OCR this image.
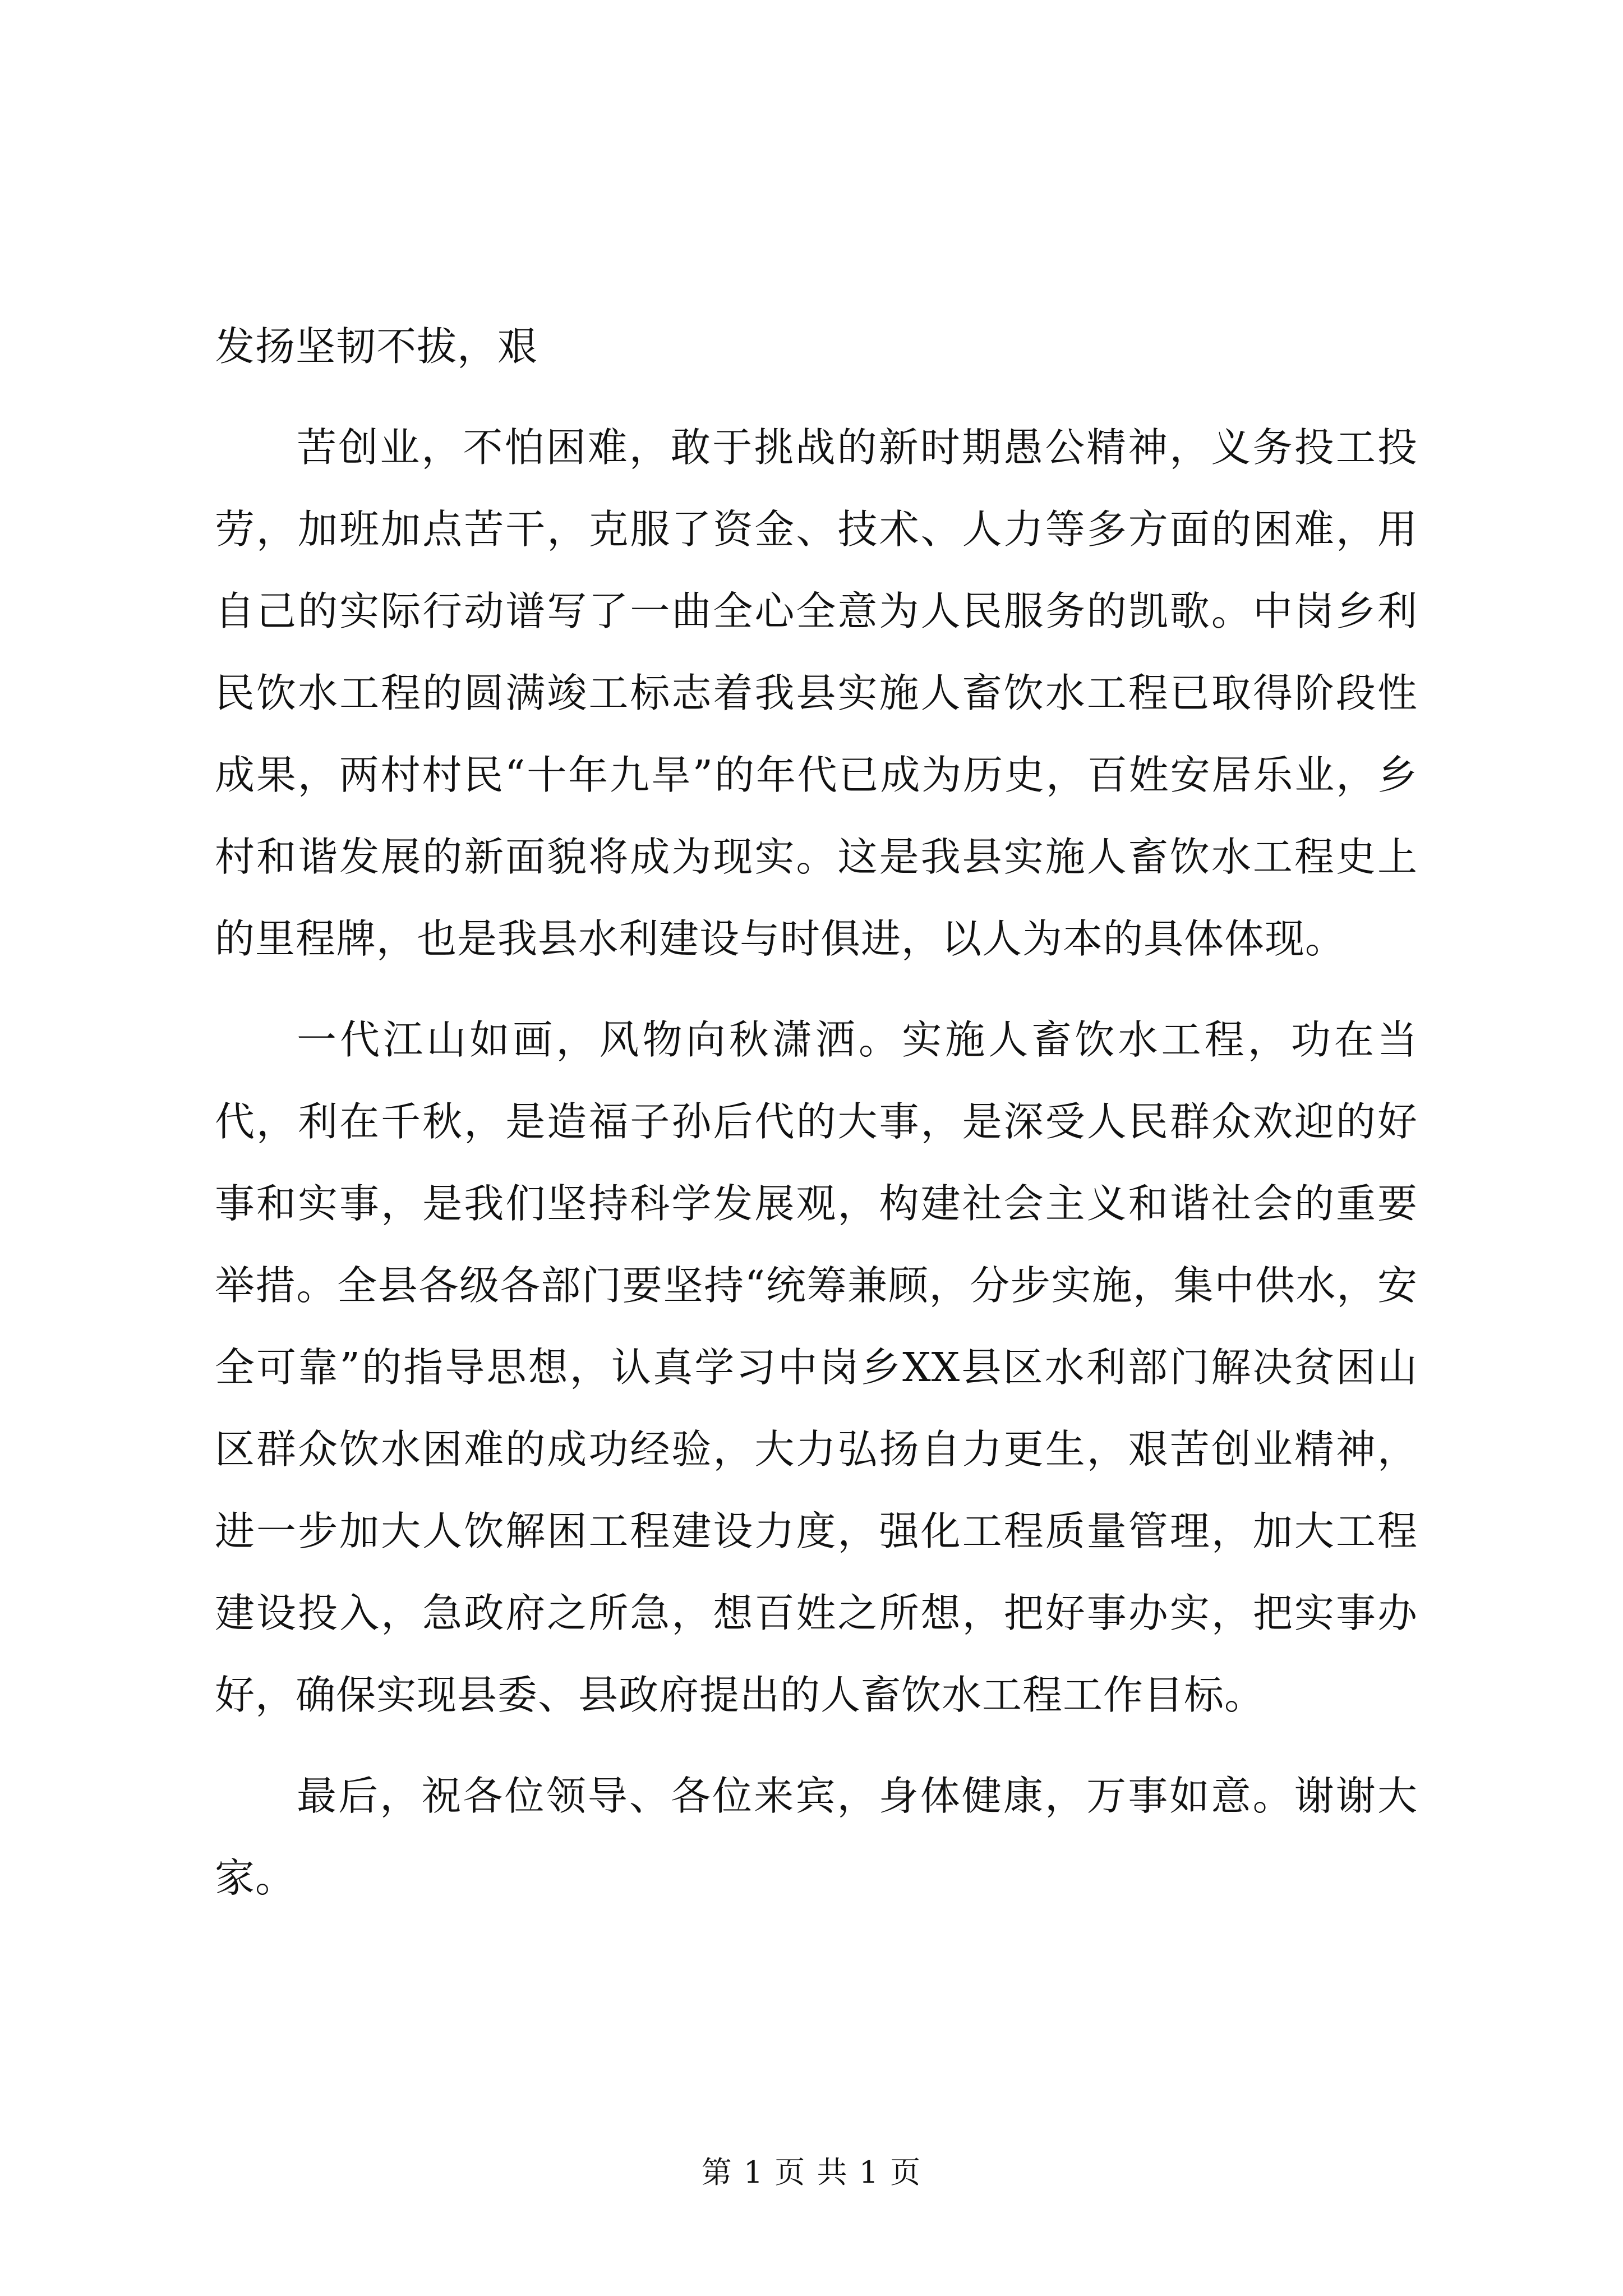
发扬坚韧不拔，艰

苦创业，不怕困难，敢于挑战的新时期愚公精神，义务投工投劳，加班加点苦干，克服了资金、技术、人力等多方面的困难，用自己的实际行动谱写了一曲全心全意为人民服务的凯歌。中岗乡利民饮水工程的圆满竣工标志着我县实施人畜饮水工程已取得阶段性成果，两村村民“十年九旱”的年代已成为历史，百姓安居乐业，乡村和谐发展的新面貌将成为现实。这是我县实施人畜饮水工程史上的里程牌，也是我县水利建设与时俱进，以人为本的具体体现。

一代江山如画，风物向秋潇洒。实施人畜饮水工程，功在当代，利在千秋，是造福子孙后代的大事，是深受人民群众欢迎的好事和实事，是我们坚持科学发展观，构建社会主义和谐社会的重要举措。全县各级各部门要坚持“统筹兼顾，分步实施，集中供水，安全可靠”的指导思想，认真学习中岗乡XX县区水利部门解决贫困山区群众饮水困难的成功经验，大力弘扬自力更生，艰苦创业精神，进一步加大人饮解困工程建设力度，强化工程质量管理，加大工程建设投入，急政府之所急，想百姓之所想，把好事办实，把实事办好，确保实现县委、县政府提出的人畜饮水工程工作目标。

最后，祝各位领导、各位来宾，身体健康，万事如意。谢谢大家。

第 1 页 共 1 页
